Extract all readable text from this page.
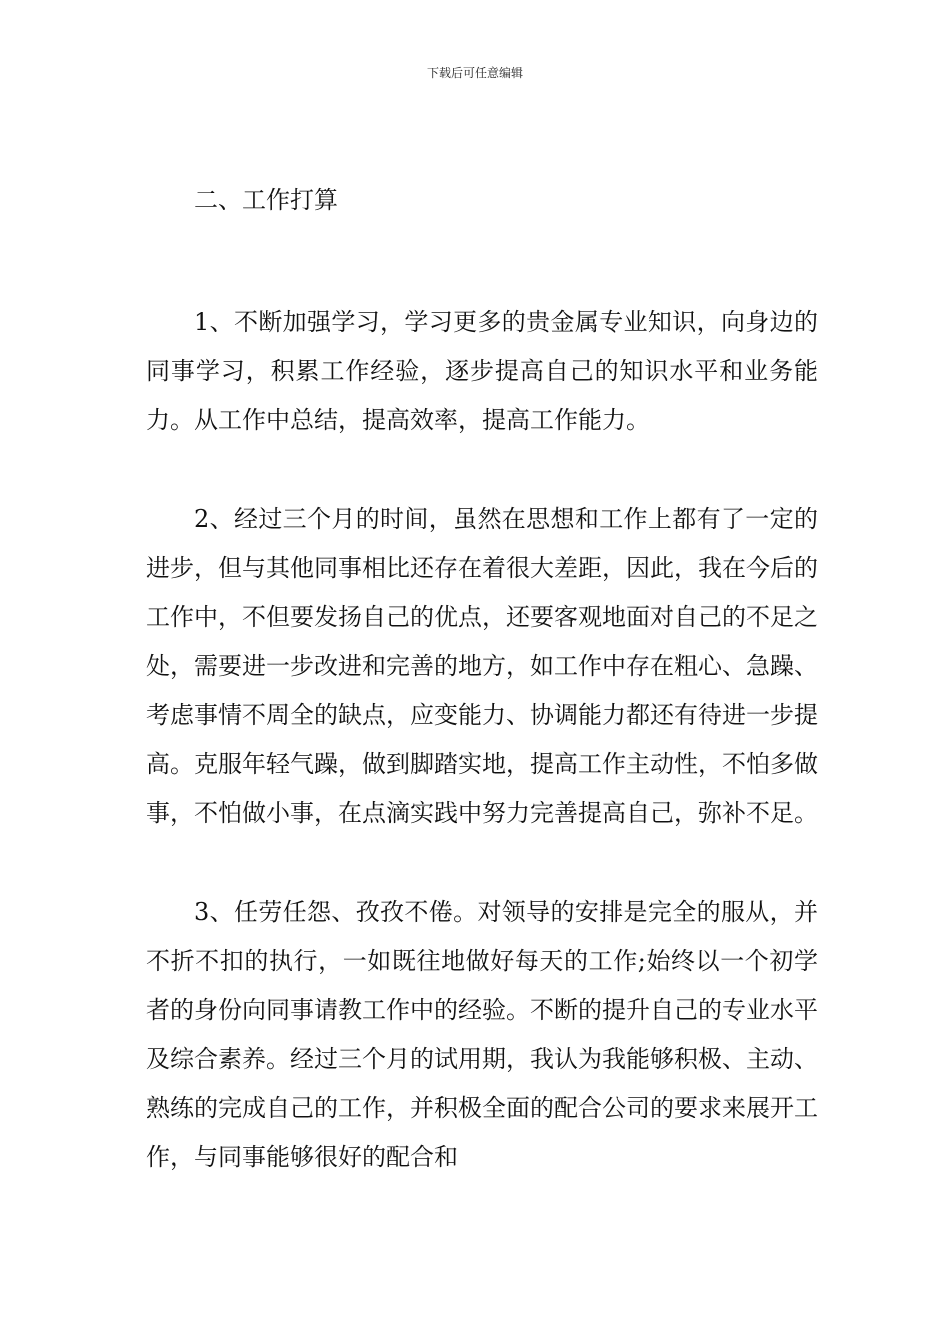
下载后可任意编辑
二、工作打算

1、不断加强学习，学习更多的贵金属专业知识，向身边的同事学习，积累工作经验，逐步提高自己的知识水平和业务能力。从工作中总结，提高效率，提高工作能力。

2、经过三个月的时间，虽然在思想和工作上都有了一定的进步，但与其他同事相比还存在着很大差距，因此，我在今后的工作中，不但要发扬自己的优点，还要客观地面对自己的不足之处，需要进一步改进和完善的地方，如工作中存在粗心、急躁、考虑事情不周全的缺点，应变能力、协调能力都还有待进一步提高。克服年轻气躁，做到脚踏实地，提高工作主动性，不怕多做事，不怕做小事，在点滴实践中努力完善提高自己，弥补不足。

3、任劳任怨、孜孜不倦。对领导的安排是完全的服从，并不折不扣的执行，一如既往地做好每天的工作;始终以一个初学者的身份向同事请教工作中的经验。不断的提升自己的专业水平及综合素养。经过三个月的试用期，我认为我能够积极、主动、熟练的完成自己的工作，并积极全面的配合公司的要求来展开工作，与同事能够很好的配合和
